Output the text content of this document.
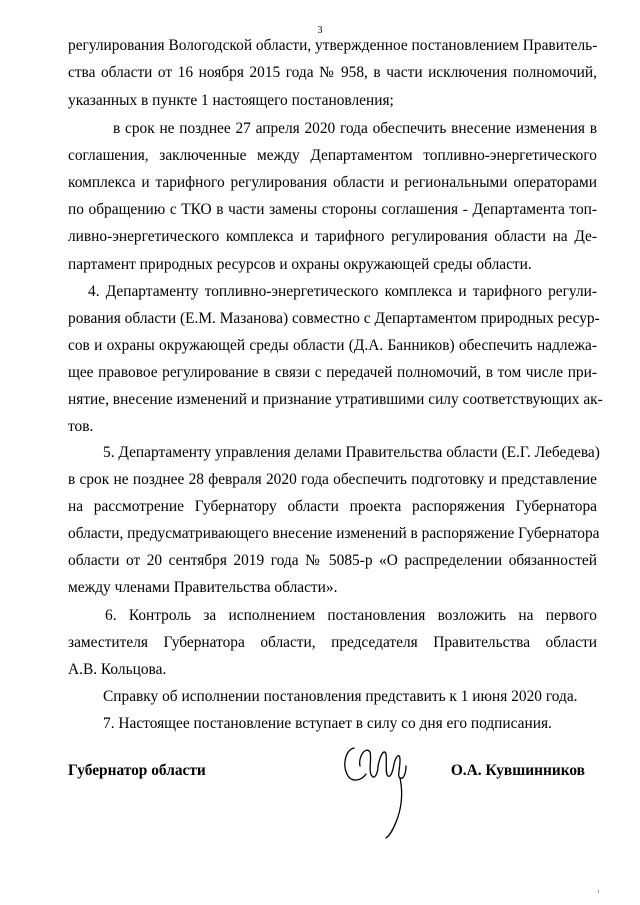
3
регулирования Вологодской области, утвержденное постановлением Правитель-
ства области от 16 ноября 2015 года № 958, в части исключения полномочий,
указанных в пункте 1 настоящего постановления;
в срок не позднее 27 апреля 2020 года обеспечить внесение изменения в
соглашения, заключенные между Департаментом топливно-энергетического
комплекса и тарифного регулирования области и региональными операторами
по обращению с ТКО в части замены стороны соглашения - Департамента топ-
ливно-энергетического комплекса и тарифного регулирования области на Де-
партамент природных ресурсов и охраны окружающей среды области.
4. Департаменту топливно-энергетического комплекса и тарифного регули-
рования области (Е.М. Мазанова) совместно с Департаментом природных ресур-
сов и охраны окружающей среды области (Д.А. Банников) обеспечить надлежа-
щее правовое регулирование в связи с передачей полномочий, в том числе при-
нятие, внесение изменений и признание утратившими силу соответствующих ак-
тов.
5. Департаменту управления делами Правительства области (Е.Г. Лебедева)
в срок не позднее 28 февраля 2020 года обеспечить подготовку и представление
на рассмотрение Губернатору области проекта распоряжения Губернатора
области, предусматривающего внесение изменений в распоряжение Губернатора
области от 20 сентября 2019 года № 5085-р «О распределении обязанностей
между членами Правительства области».
6. Контроль за исполнением постановления возложить на первого
заместителя Губернатора области, председателя Правительства области
А.В. Кольцова.
Справку об исполнении постановления представить к 1 июня 2020 года.
7. Настоящее постановление вступает в силу со дня его подписания.
Губернатор области	О.А. Кувшинников
